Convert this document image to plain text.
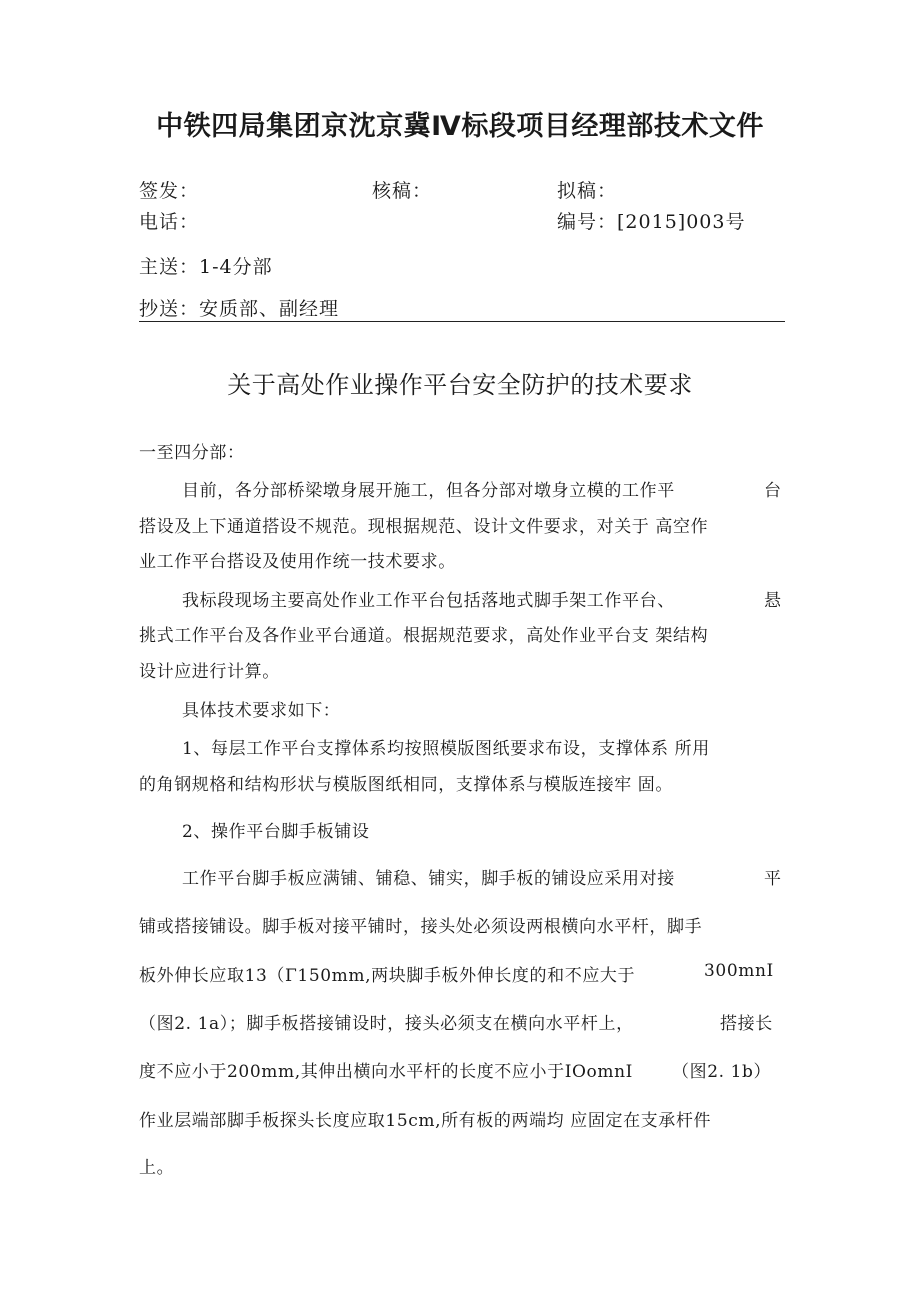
中铁四局集团京沈京冀Ⅳ标段项目经理部技术文件
签发：	核稿：	拟稿：
电话：	编号：[2015]003号
主送：1-4分部
抄送：安质部、副经理
关于高处作业操作平台安全防护的技术要求
一至四分部：
目前，各分部桥梁墩身展开施工，但各分部对墩身立模的工作平	台
搭设及上下通道搭设不规范。现根据规范、设计文件要求，对关于 高空作
业工作平台搭设及使用作统一技术要求。
我标段现场主要高处作业工作平台包括落地式脚手架工作平台、	悬
挑式工作平台及各作业平台通道。根据规范要求，高处作业平台支 架结构
设计应进行计算。
具体技术要求如下：
1、每层工作平台支撑体系均按照模版图纸要求布设，支撑体系 所用
的角钢规格和结构形状与模版图纸相同，支撑体系与模版连接牢 固。
2、操作平台脚手板铺设
工作平台脚手板应满铺、铺稳、铺实，脚手板的铺设应采用对接	平
铺或搭接铺设。脚手板对接平铺时，接头处必须设两根横向水平杆，脚手
板外伸长应取13（Γ150mm,两块脚手板外伸长度的和不应大于	300mnI
（图2. 1a）；脚手板搭接铺设时，接头必须支在横向水平杆上，	搭接长
度不应小于200mm,其伸出横向水平杆的长度不应小于IOomnI （图2. 1b）
作业层端部脚手板探头长度应取15cm,所有板的两端均 应固定在支承杆件
上。
